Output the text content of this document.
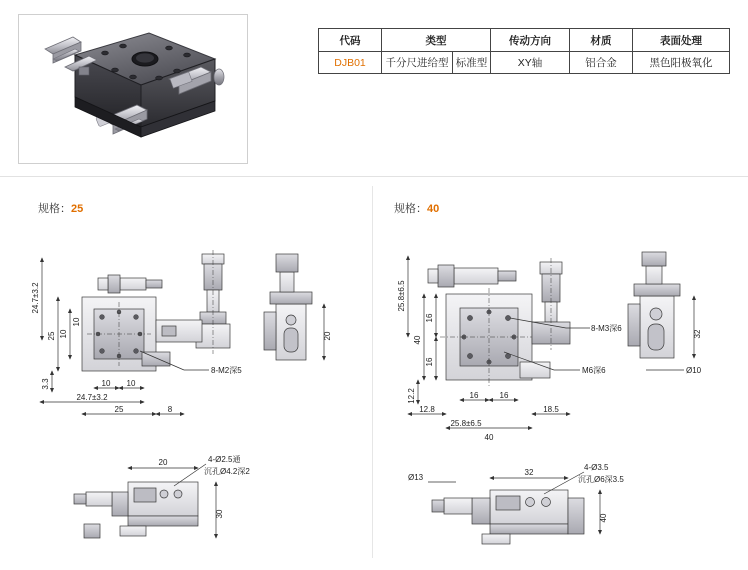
代码	类型		传动方向	材质	表面处理
DJB01	千分尺进给型	标准型	XY轴	铝合金	黑色阳极氧化
规格：25	规格：40
24.7±3.2
25 10
3.3
10
24.7±3.2
10 10
25	8
8-M2深5
20
20
30
4-Ø2.5通
沉孔Ø4.2深2
25.8±6.5
40
16
16
12.2
12.8
16	16
18.5
25.8±6.5
40
8-M3深6
M6深6
32
Ø10
32
40
Ø13
4-Ø3.5
沉孔Ø6深3.5
